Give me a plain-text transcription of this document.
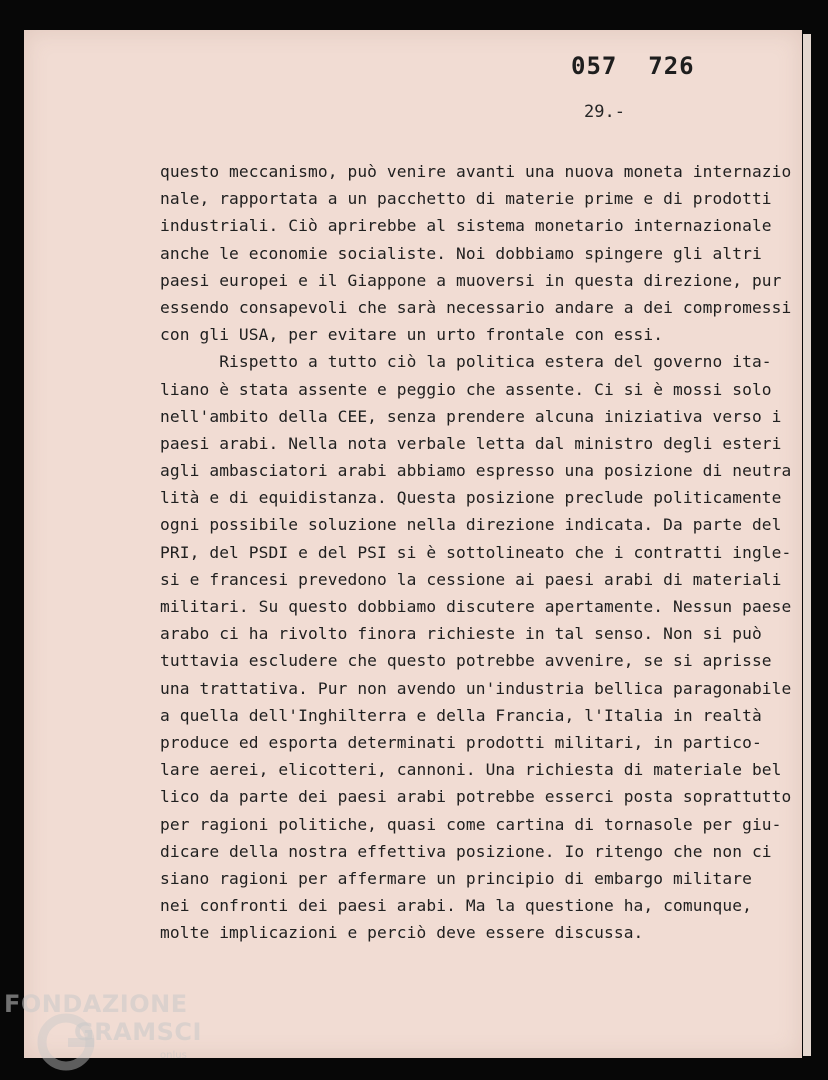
057  726
29.-
questo meccanismo, può venire avanti una nuova moneta internazio
nale, rapportata a un pacchetto di materie prime e di prodotti
industriali. Ciò aprirebbe al sistema monetario internazionale
anche le economie socialiste. Noi dobbiamo spingere gli altri
paesi europei e il Giappone a muoversi in questa direzione, pur
essendo consapevoli che sarà necessario andare a dei compromessi
con gli USA, per evitare un urto frontale con essi.
Rispetto a tutto ciò la politica estera del governo ita-
liano è stata assente e peggio che assente. Ci si è mossi solo
nell'ambito della CEE, senza prendere alcuna iniziativa verso i
paesi arabi. Nella nota verbale letta dal ministro degli esteri
agli ambasciatori arabi abbiamo espresso una posizione di neutra
lità e di equidistanza. Questa posizione preclude politicamente
ogni possibile soluzione nella direzione indicata. Da parte del
PRI, del PSDI e del PSI si è sottolineato che i contratti ingle-
si e francesi prevedono la cessione ai paesi arabi di materiali
militari. Su questo dobbiamo discutere apertamente. Nessun paese
arabo ci ha rivolto finora richieste in tal senso. Non si può
tuttavia escludere che questo potrebbe avvenire, se si aprisse
una trattativa. Pur non avendo un'industria bellica paragonabile
a quella dell'Inghilterra e della Francia, l'Italia in realtà
produce ed esporta determinati prodotti militari, in partico-
lare aerei, elicotteri, cannoni. Una richiesta di materiale bel
lico da parte dei paesi arabi potrebbe esserci posta soprattutto
per ragioni politiche, quasi come cartina di tornasole per giu-
dicare della nostra effettiva posizione. Io ritengo che non ci
siano ragioni per affermare un principio di embargo militare
nei confronti dei paesi arabi. Ma la questione ha, comunque,
molte implicazioni e perciò deve essere discussa.
FONDAZIONE
GRAMSCI
onlus
